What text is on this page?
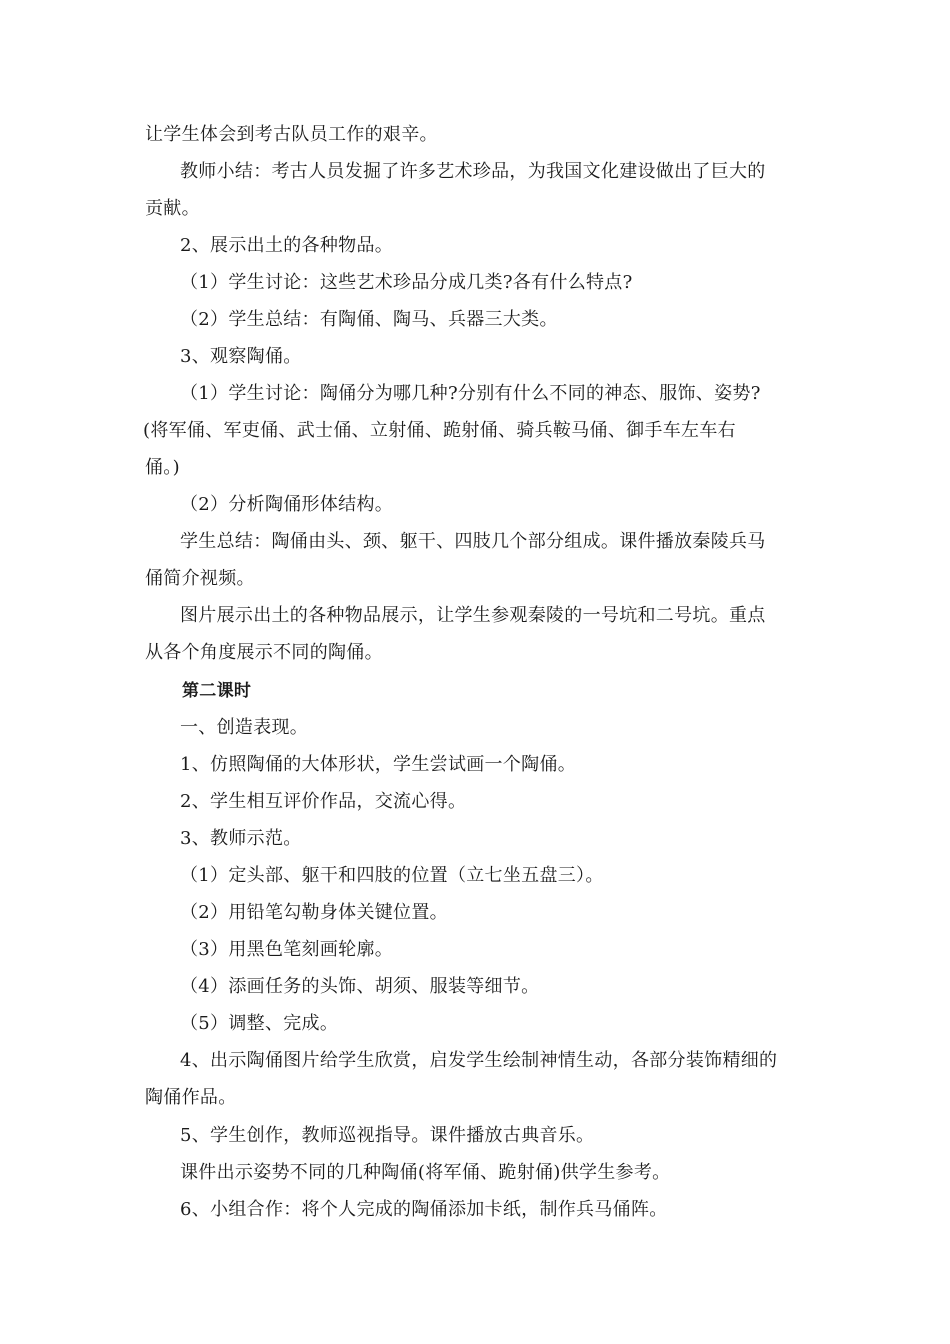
让学生体会到考古队员工作的艰辛。
教师小结：考古人员发掘了许多艺术珍品，为我国文化建设做出了巨大的
贡献。
2、展示出土的各种物品。
（1）学生讨论：这些艺术珍品分成几类?各有什么特点?
（2）学生总结：有陶俑、陶马、兵器三大类。
3、观察陶俑。
（1）学生讨论：陶俑分为哪几种?分别有什么不同的神态、服饰、姿势?
(将军俑、军吏俑、武士俑、立射俑、跪射俑、骑兵鞍马俑、御手车左车右
俑。)
（2）分析陶俑形体结构。
学生总结：陶俑由头、颈、躯干、四肢几个部分组成。课件播放秦陵兵马
俑简介视频。
图片展示出土的各种物品展示，让学生参观秦陵的一号坑和二号坑。重点
从各个角度展示不同的陶俑。
第二课时
一、创造表现。
1、仿照陶俑的大体形状，学生尝试画一个陶俑。
2、学生相互评价作品，交流心得。
3、教师示范。
（1）定头部、躯干和四肢的位置（立七坐五盘三）。
（2）用铅笔勾勒身体关键位置。
（3）用黑色笔刻画轮廓。
（4）添画任务的头饰、胡须、服装等细节。
（5）调整、完成。
4、出示陶俑图片给学生欣赏，启发学生绘制神情生动，各部分装饰精细的
陶俑作品。
5、学生创作，教师巡视指导。课件播放古典音乐。
课件出示姿势不同的几种陶俑(将军俑、跪射俑)供学生参考。
6、小组合作：将个人完成的陶俑添加卡纸，制作兵马俑阵。
